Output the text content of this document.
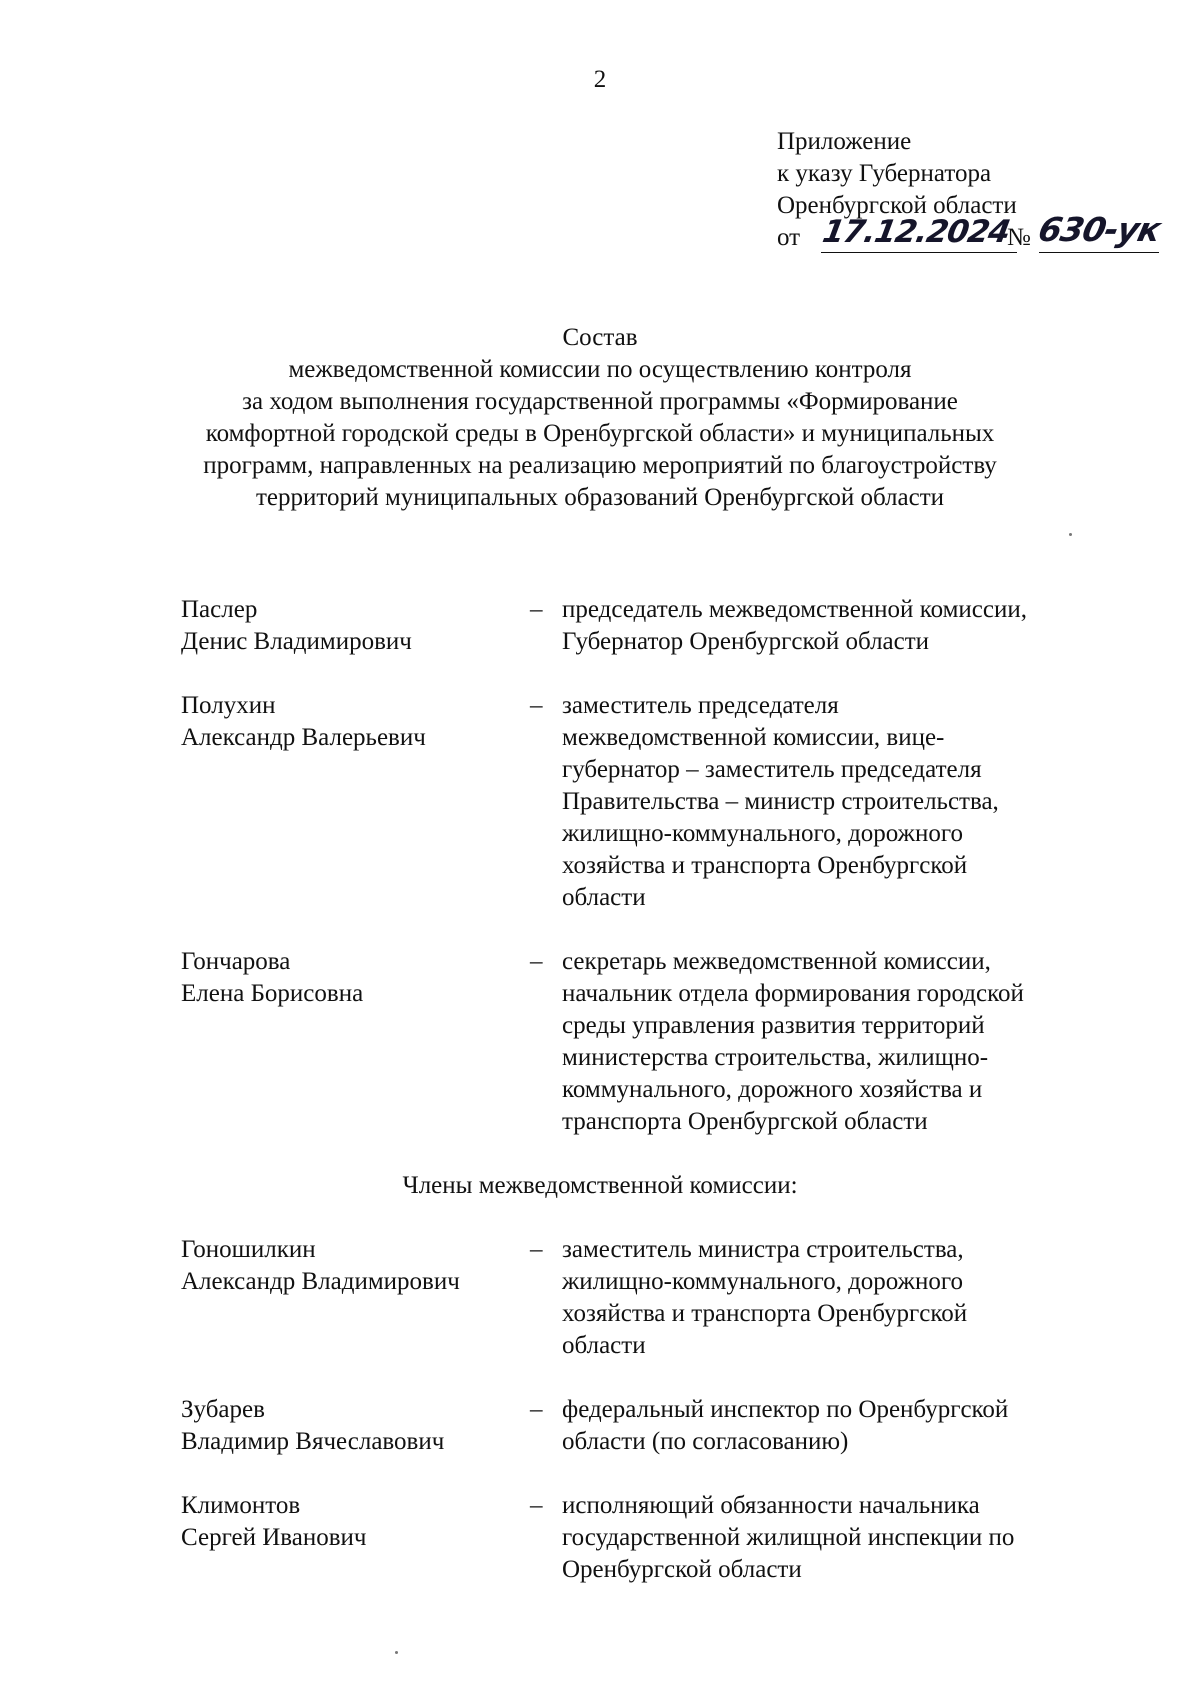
2
Приложение
к указу Губернатора
Оренбургской области
от 17.12.2024
№ 630-ук
Состав
межведомственной комиссии по осуществлению контроля
за ходом выполнения государственной программы «Формирование
комфортной городской среды в Оренбургской области» и муниципальных
программ, направленных на реализацию мероприятий по благоустройству
территорий муниципальных образований Оренбургской области
Паслер
Денис Владимирович
– председатель межведомственной комиссии,
Губернатор Оренбургской области
Полухин
Александр Валерьевич
– заместитель председателя
межведомственной комиссии, вице-
губернатор – заместитель председателя
Правительства – министр строительства,
жилищно-коммунального, дорожного
хозяйства и транспорта Оренбургской
области
Гончарова
Елена Борисовна
– секретарь межведомственной комиссии,
начальник отдела формирования городской
среды управления развития территорий
министерства строительства, жилищно-
коммунального, дорожного хозяйства и
транспорта Оренбургской области
Члены межведомственной комиссии:
Гоношилкин
Александр Владимирович
– заместитель министра строительства,
жилищно-коммунального, дорожного
хозяйства и транспорта Оренбургской
области
Зубарев
Владимир Вячеславович
– федеральный инспектор по Оренбургской
области (по согласованию)
Климонтов
Сергей Иванович
– исполняющий обязанности начальника
государственной жилищной инспекции по
Оренбургской области
